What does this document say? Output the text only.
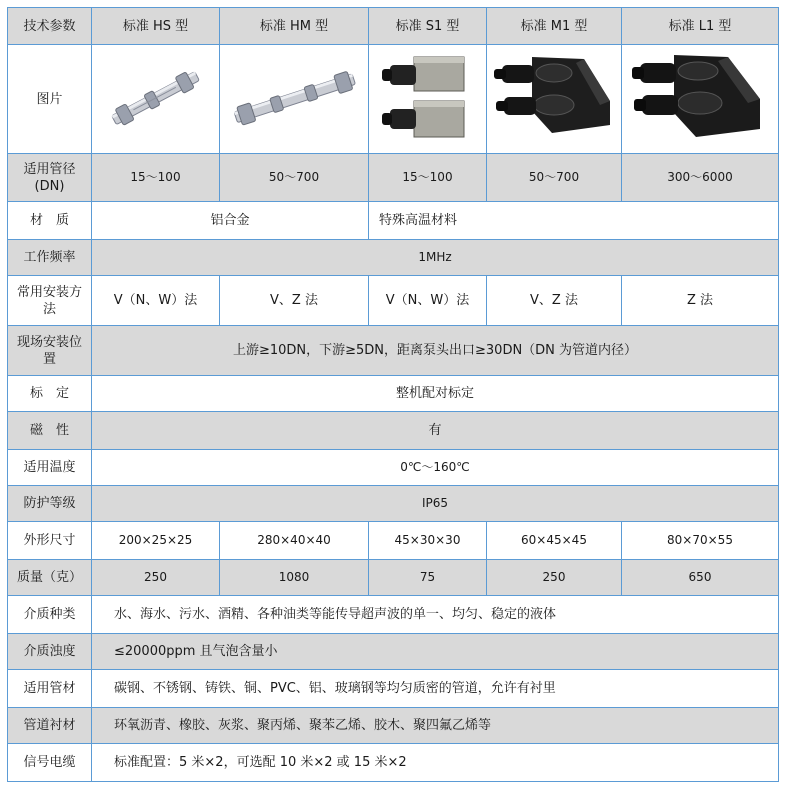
技术参数	标准 HS 型	标准 HM 型	标准 S1 型	标准 M1 型	标准 L1 型
图片	

适用管径(DN)	15～100	50～700	15～100	50～700	300～6000
材　质	铝合金		特殊高温材料		
工作频率	1MHz				
常用安装方法	V（N、W）法	V、Z 法	V（N、W）法	V、Z 法	Z 法
现场安装位置	上游≥10DN，下游≥5DN，距离泵头出口≥30DN（DN 为管道内径）				
标　定	整机配对标定				
磁　性	有				
适用温度	0℃～160℃				
防护等级	IP65				
外形尺寸	200×25×25	280×40×40	45×30×30	60×45×45	80×70×55
质量（克）	250	1080	75	250	650
介质种类	水、海水、污水、酒精、各种油类等能传导超声波的单一、均匀、稳定的液体				
介质浊度	≤20000ppm 且气泡含量小				
适用管材	碳钢、不锈钢、铸铁、铜、PVC、铝、玻璃钢等均匀质密的管道，允许有衬里				
管道衬材	环氧沥青、橡胶、灰浆、聚丙烯、聚苯乙烯、胶木、聚四氟乙烯等				
信号电缆	标准配置：5 米×2，可选配 10 米×2 或 15 米×2				
